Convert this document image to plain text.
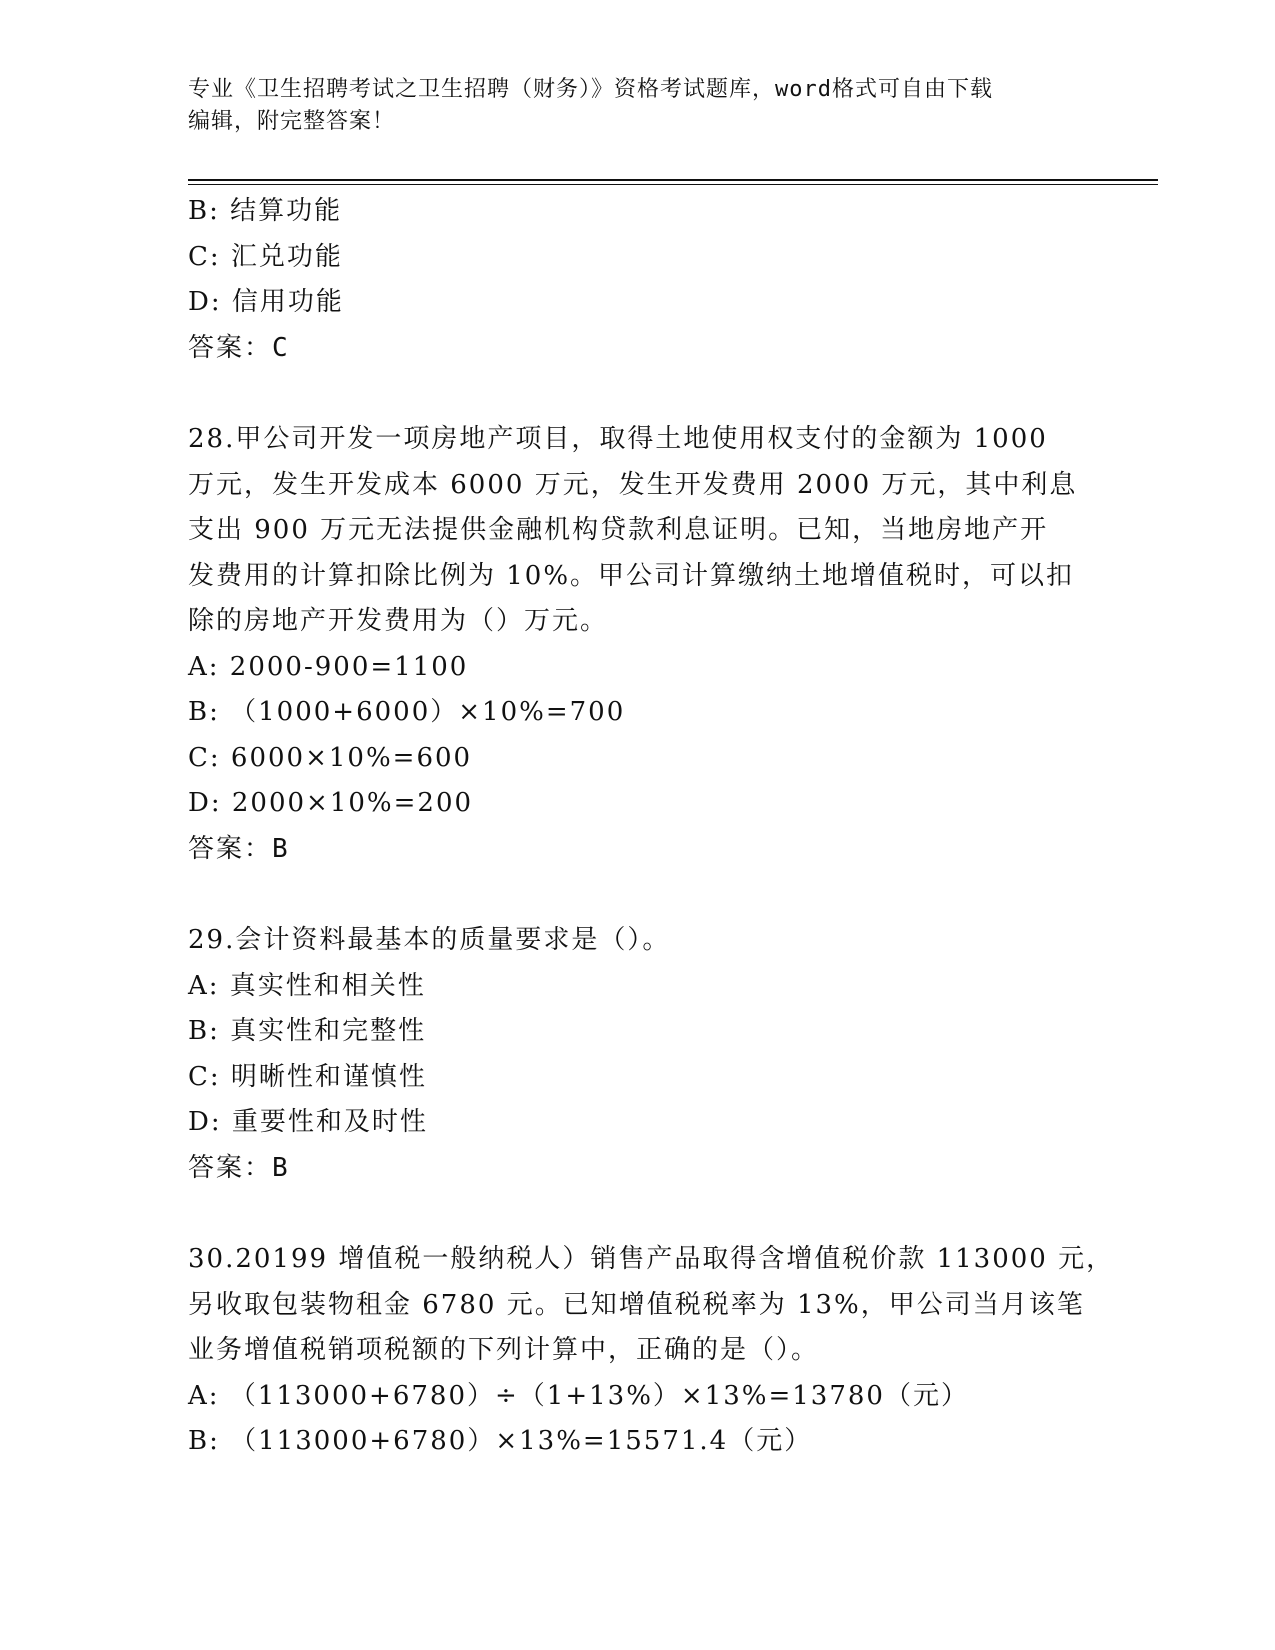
专业《卫生招聘考试之卫生招聘（财务）》资格考试题库，word格式可自由下载
编辑，附完整答案！
B: 结算功能
C: 汇兑功能
D: 信用功能
答案：C
28.甲公司开发一项房地产项目，取得土地使用权支付的金额为 1000
万元，发生开发成本 6000 万元，发生开发费用 2000 万元，其中利息
支出 900 万元无法提供金融机构贷款利息证明。已知，当地房地产开
发费用的计算扣除比例为 10%。甲公司计算缴纳土地增值税时，可以扣
除的房地产开发费用为（）万元。
A: 2000-900=1100
B: （1000+6000）×10%=700
C: 6000×10%=600
D: 2000×10%=200
答案：B
29.会计资料最基本的质量要求是（）。
A: 真实性和相关性
B: 真实性和完整性
C: 明晰性和谨慎性
D: 重要性和及时性
答案：B
30.20199 增值税一般纳税人）销售产品取得含增值税价款 113000 元，
另收取包装物租金 6780 元。已知增值税税率为 13%，甲公司当月该笔
业务增值税销项税额的下列计算中，正确的是（）。
A: （113000+6780）÷（1+13%）×13%=13780（元）
B: （113000+6780）×13%=15571.4（元）
